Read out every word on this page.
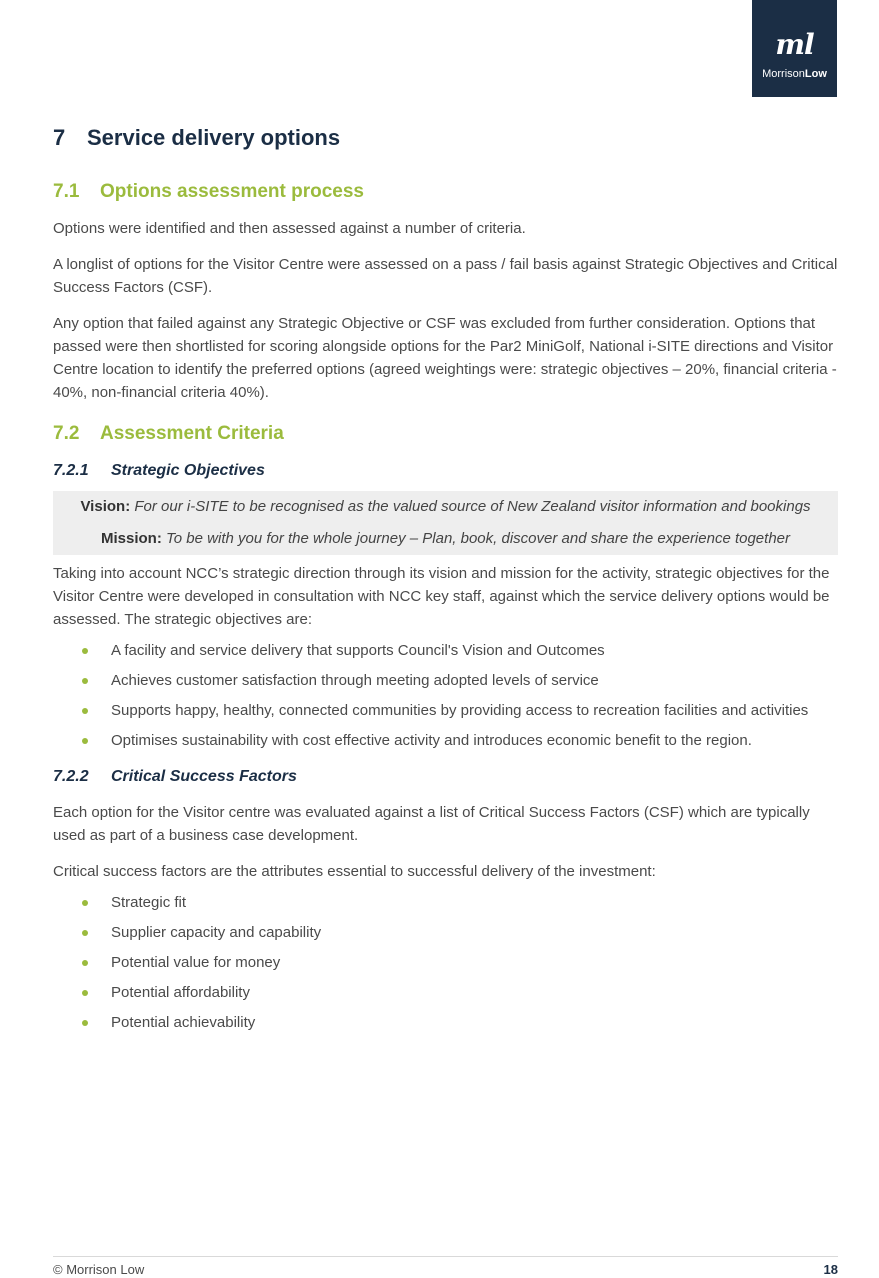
ml
MorrisonLow
7 Service delivery options
7.1 Options assessment process

Options were identified and then assessed against a number of criteria.

A longlist of options for the Visitor Centre were assessed on a pass / fail basis against Strategic Objectives and Critical Success Factors (CSF).

Any option that failed against any Strategic Objective or CSF was excluded from further consideration. Options that passed were then shortlisted for scoring alongside options for the Par2 MiniGolf, National i-SITE directions and Visitor Centre location to identify the preferred options (agreed weightings were: strategic objectives – 20%, financial criteria - 40%, non-financial criteria 40%).

7.2 Assessment Criteria
7.2.1 Strategic Objectives
Vision: For our i-SITE to be recognised as the valued source of New Zealand visitor information and bookings
Mission: To be with you for the whole journey – Plan, book, discover and share the experience together

Taking into account NCC’s strategic direction through its vision and mission for the activity, strategic objectives for the Visitor Centre were developed in consultation with NCC key staff, against which the service delivery options would be assessed. The strategic objectives are:

A facility and service delivery that supports Council's Vision and Outcomes
Achieves customer satisfaction through meeting adopted levels of service
Supports happy, healthy, connected communities by providing access to recreation facilities and activities
Optimises sustainability with cost effective activity and introduces economic benefit to the region.
7.2.2 Critical Success Factors

Each option for the Visitor centre was evaluated against a list of Critical Success Factors (CSF) which are typically used as part of a business case development.

Critical success factors are the attributes essential to successful delivery of the investment:

Strategic fit
Supplier capacity and capability
Potential value for money
Potential affordability
Potential achievability
© Morrison Low	18
